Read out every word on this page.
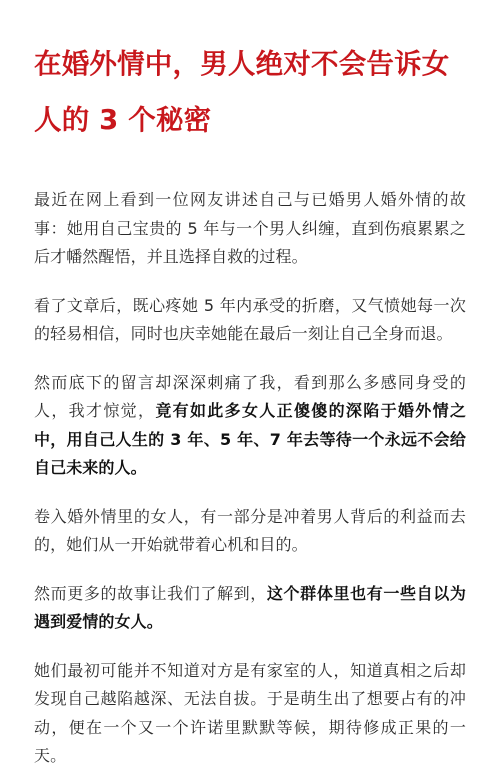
在婚外情中，男人绝对不会告诉女人的 3 个秘密

最近在网上看到一位网友讲述自己与已婚男人婚外情的故事：她用自己宝贵的 5 年与一个男人纠缠，直到伤痕累累之后才幡然醒悟，并且选择自救的过程。

看了文章后，既心疼她 5 年内承受的折磨，又气愤她每一次的轻易相信，同时也庆幸她能在最后一刻让自己全身而退。

然而底下的留言却深深刺痛了我，看到那么多感同身受的人，我才惊觉，竟有如此多女人正傻傻的深陷于婚外情之中，用自己人生的 3 年、5 年、7 年去等待一个永远不会给自己未来的人。

卷入婚外情里的女人，有一部分是冲着男人背后的利益而去的，她们从一开始就带着心机和目的。

然而更多的故事让我们了解到，这个群体里也有一些自以为遇到爱情的女人。

她们最初可能并不知道对方是有家室的人，知道真相之后却发现自己越陷越深、无法自拔。于是萌生出了想要占有的冲动，便在一个又一个许诺里默默等候，期待修成正果的一天。
